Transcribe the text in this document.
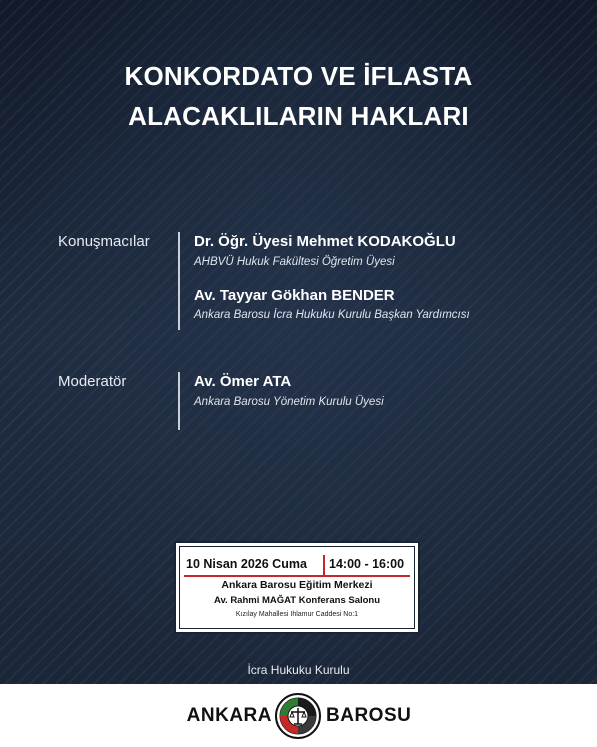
KONKORDATO VE İFLASTA
ALACAKLILARIN HAKLARI
Konuşmacılar	Dr. Öğr. Üyesi Mehmet KODAKOĞLU
AHBVÜ Hukuk Fakültesi Öğretim Üyesi
Av. Tayyar Gökhan BENDER
Ankara Barosu İcra Hukuku Kurulu Başkan Yardımcısı
Moderatör	Av. Ömer ATA
Ankara Barosu Yönetim Kurulu Üyesi
10 Nisan 2026 Cuma 14:00 - 16:00
Ankara Barosu Eğitim Merkezi
Av. Rahmi MAĞAT Konferans Salonu
Kızılay Mahallesi Ihlamur Caddesi No:1
İcra Hukuku Kurulu
ANKARA	BAROSU
